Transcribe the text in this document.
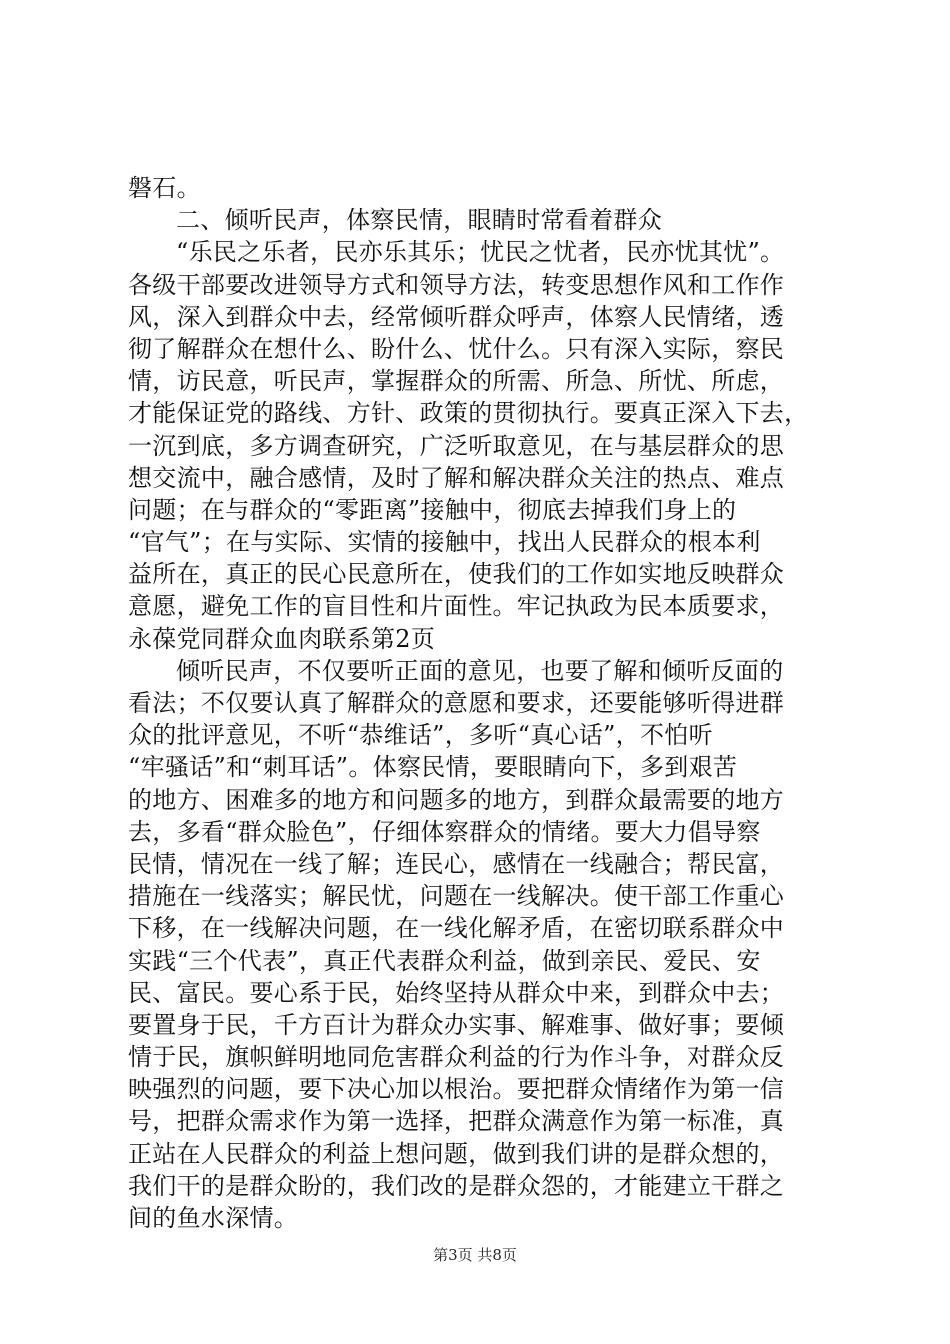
磐石。
二、倾听民声，体察民情，眼睛时常看着群众
“乐民之乐者，民亦乐其乐；忧民之忧者，民亦忧其忧”。
各级干部要改进领导方式和领导方法，转变思想作风和工作作
风，深入到群众中去，经常倾听群众呼声，体察人民情绪，透
彻了解群众在想什么、盼什么、忧什么。只有深入实际，察民
情，访民意，听民声，掌握群众的所需、所急、所忧、所虑，
才能保证党的路线、方针、政策的贯彻执行。要真正深入下去，
一沉到底，多方调查研究，广泛听取意见，在与基层群众的思
想交流中，融合感情，及时了解和解决群众关注的热点、难点
问题；在与群众的“零距离”接触中，彻底去掉我们身上的
“官气”；在与实际、实情的接触中，找出人民群众的根本利
益所在，真正的民心民意所在，使我们的工作如实地反映群众
意愿，避免工作的盲目性和片面性。牢记执政为民本质要求，
永葆党同群众血肉联系第2页
倾听民声，不仅要听正面的意见，也要了解和倾听反面的
看法；不仅要认真了解群众的意愿和要求，还要能够听得进群
众的批评意见，不听“恭维话”，多听“真心话”，不怕听
“牢骚话”和“刺耳话”。体察民情，要眼睛向下，多到艰苦
的地方、困难多的地方和问题多的地方，到群众最需要的地方
去，多看“群众脸色”，仔细体察群众的情绪。要大力倡导察
民情，情况在一线了解；连民心，感情在一线融合；帮民富，
措施在一线落实；解民忧，问题在一线解决。使干部工作重心
下移，在一线解决问题，在一线化解矛盾，在密切联系群众中
实践“三个代表”，真正代表群众利益，做到亲民、爱民、安
民、富民。要心系于民，始终坚持从群众中来，到群众中去；
要置身于民，千方百计为群众办实事、解难事、做好事；要倾
情于民，旗帜鲜明地同危害群众利益的行为作斗争，对群众反
映强烈的问题，要下决心加以根治。要把群众情绪作为第一信
号，把群众需求作为第一选择，把群众满意作为第一标准，真
正站在人民群众的利益上想问题，做到我们讲的是群众想的，
我们干的是群众盼的，我们改的是群众怨的，才能建立干群之
间的鱼水深情。
第3页 共8页
